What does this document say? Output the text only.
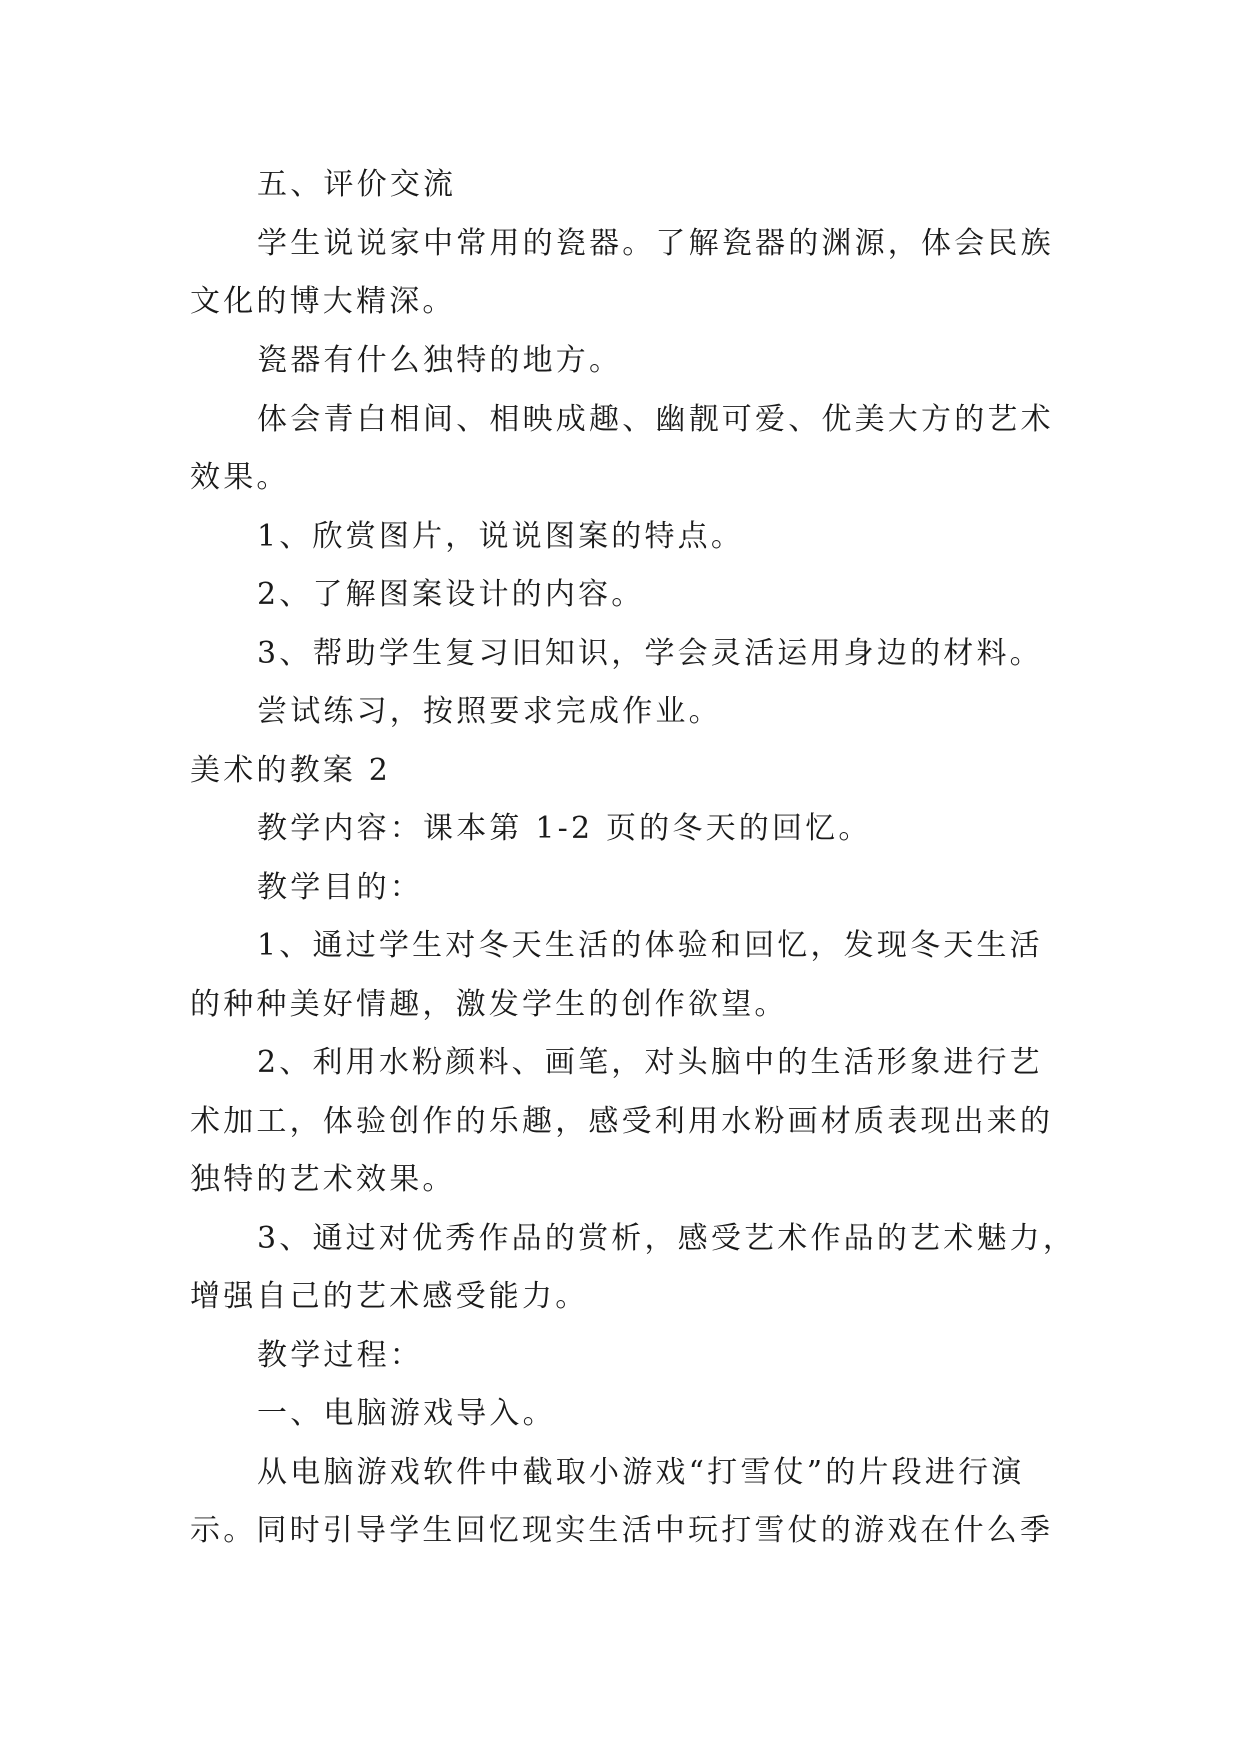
五、评价交流
学生说说家中常用的瓷器。了解瓷器的渊源，体会民族
文化的博大精深。
瓷器有什么独特的地方。
体会青白相间、相映成趣、幽靓可爱、优美大方的艺术
效果。
1、欣赏图片，说说图案的特点。
2、了解图案设计的内容。
3、帮助学生复习旧知识，学会灵活运用身边的材料。
尝试练习，按照要求完成作业。
美术的教案 2
教学内容：课本第 1-2 页的冬天的回忆。
教学目的：
1、通过学生对冬天生活的体验和回忆，发现冬天生活
的种种美好情趣，激发学生的创作欲望。
2、利用水粉颜料、画笔，对头脑中的生活形象进行艺
术加工，体验创作的乐趣，感受利用水粉画材质表现出来的
独特的艺术效果。
3、通过对优秀作品的赏析，感受艺术作品的艺术魅力，
增强自己的艺术感受能力。
教学过程：
一、电脑游戏导入。
从电脑游戏软件中截取小游戏“打雪仗”的片段进行演
示。同时引导学生回忆现实生活中玩打雪仗的游戏在什么季
